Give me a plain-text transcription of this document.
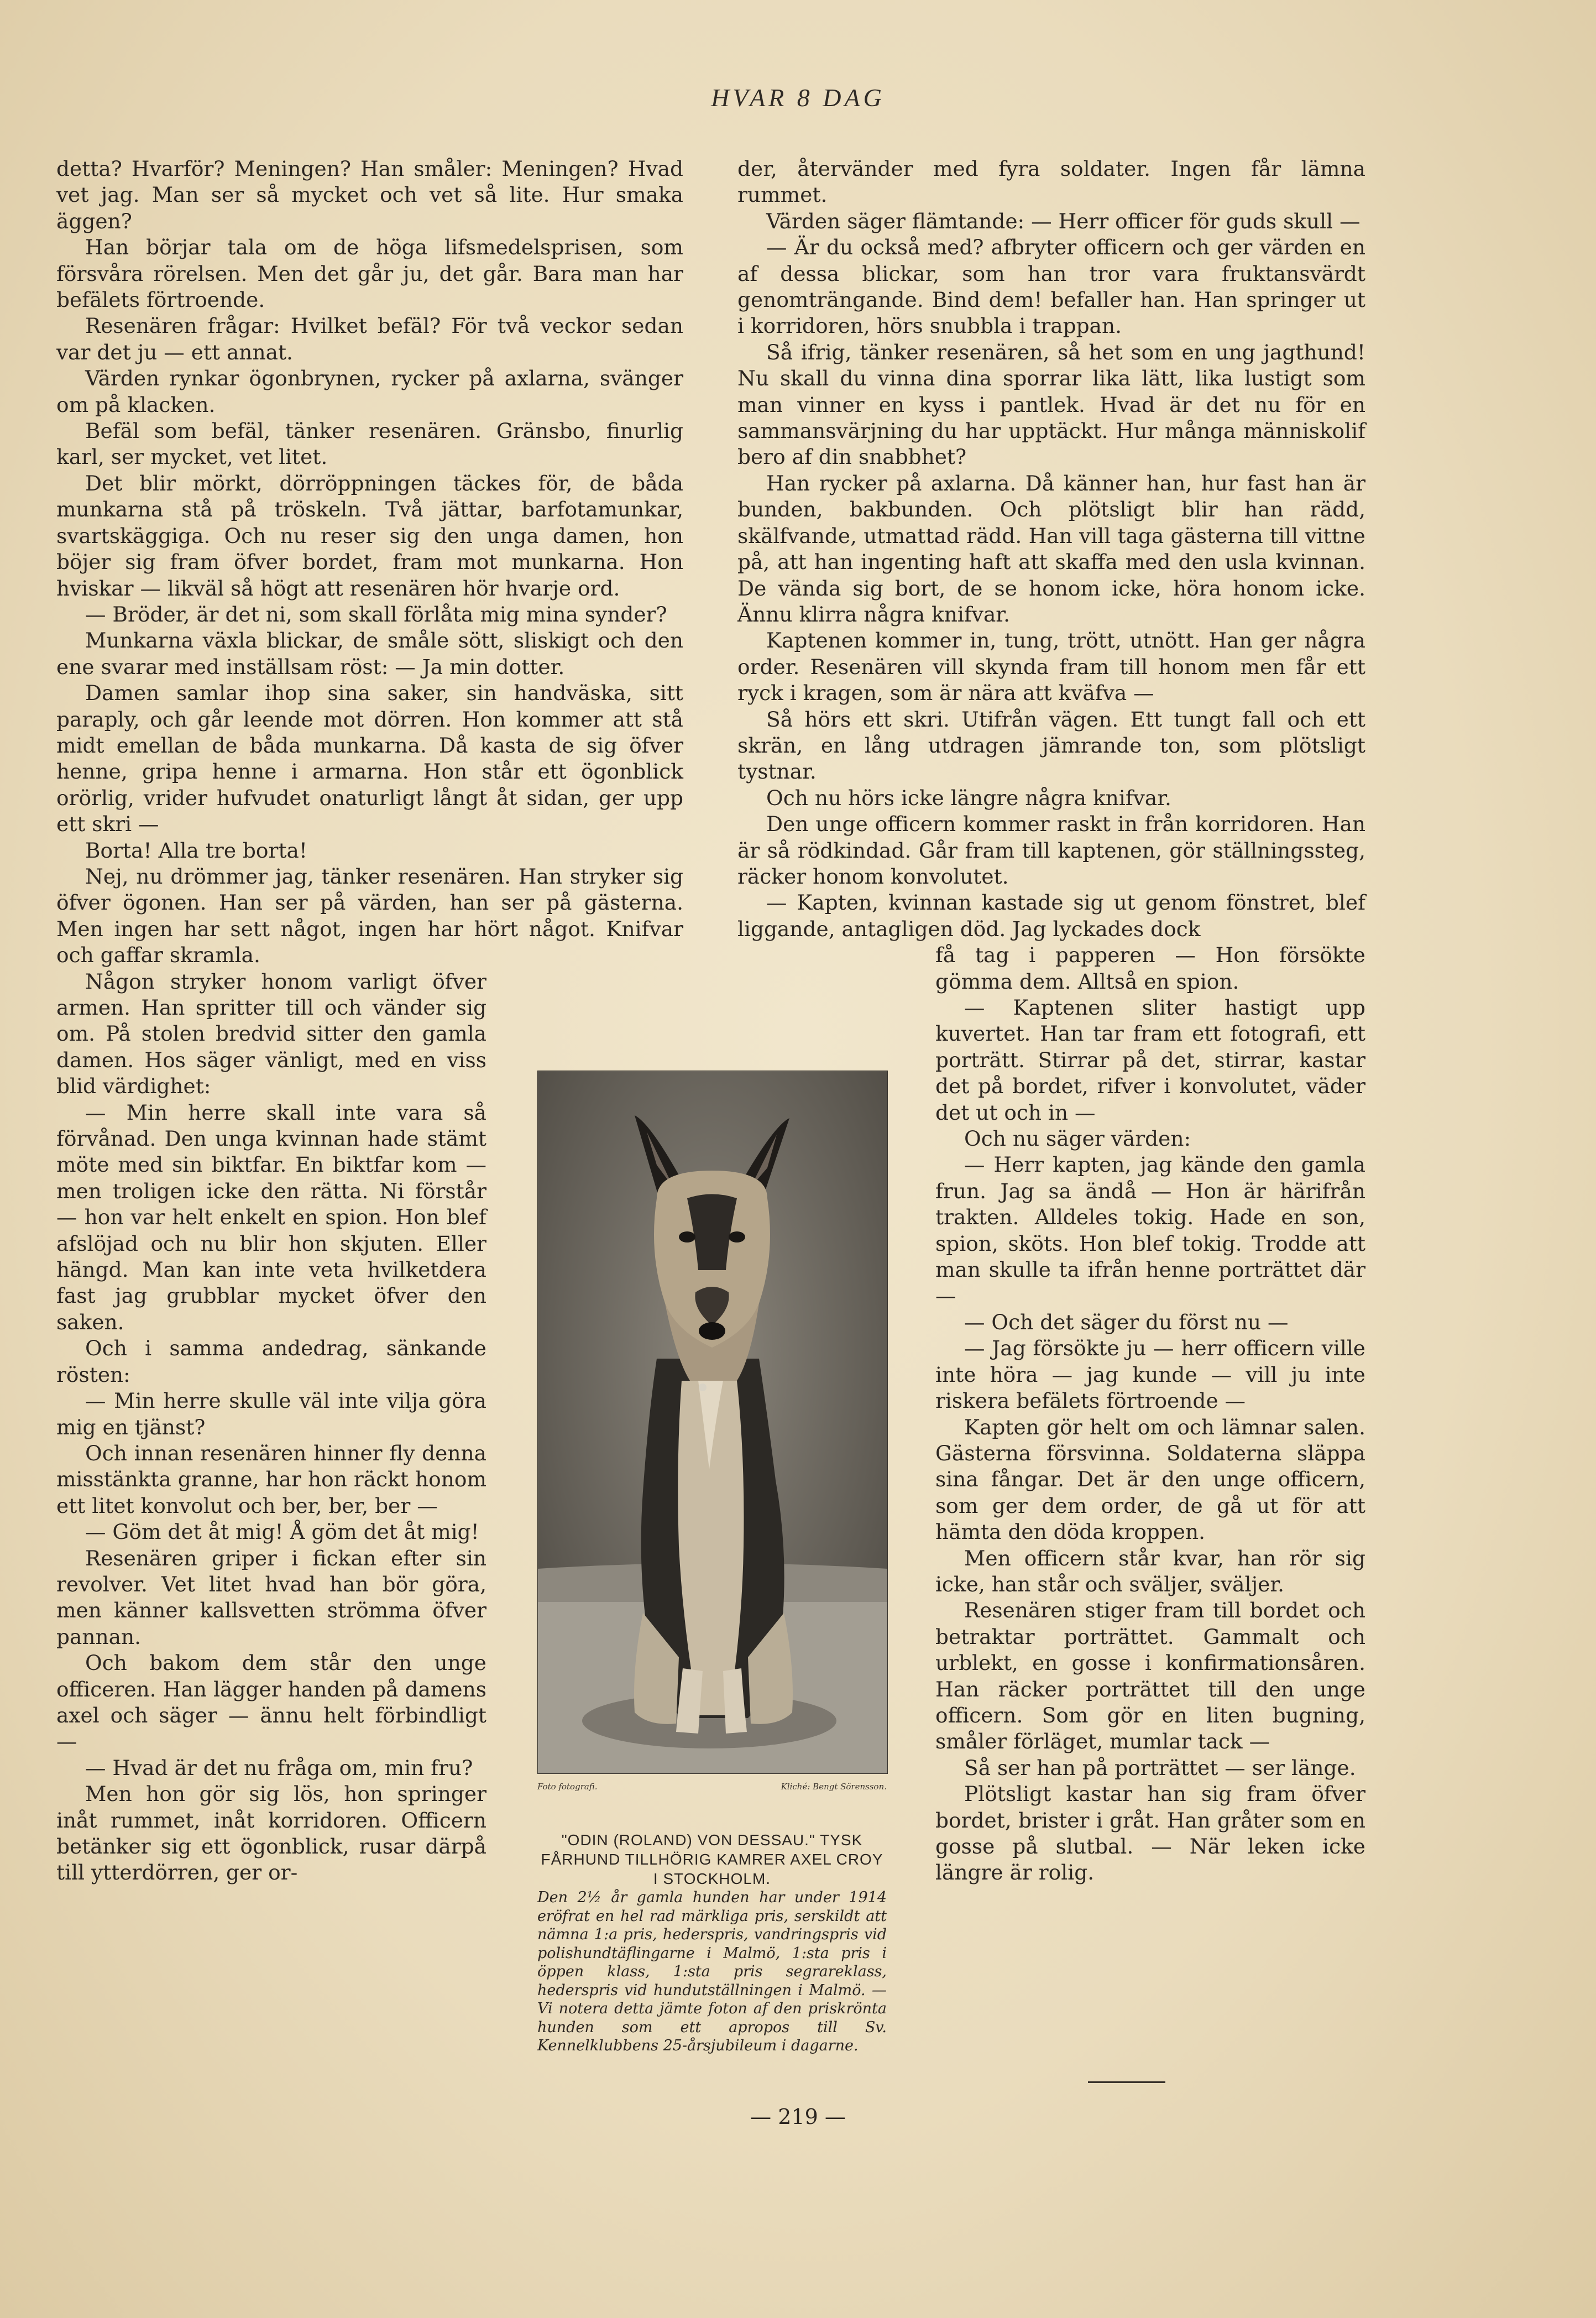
HVAR 8 DAG

detta? Hvarför? Meningen? Han småler: Meningen? Hvad vet jag. Man ser så mycket och vet så lite. Hur smaka äggen?

Han börjar tala om de höga lifsmedelsprisen, som försvåra rörelsen. Men det går ju, det går. Bara man har befälets förtroende.

Resenären frågar: Hvilket befäl? För två veckor sedan var det ju — ett annat.

Värden rynkar ögonbrynen, rycker på axlarna, svänger om på klacken.

Befäl som befäl, tänker resenären. Gränsbo, finurlig karl, ser mycket, vet litet.

Det blir mörkt, dörröppningen täckes för, de båda munkarna stå på tröskeln. Två jättar, barfotamunkar, svartskäggiga. Och nu reser sig den unga damen, hon böjer sig fram öfver bordet, fram mot munkarna. Hon hviskar — likväl så högt att resenären hör hvarje ord.

— Bröder, är det ni, som skall förlåta mig mina synder?

Munkarna växla blickar, de småle sött, sliskigt och den ene svarar med inställsam röst: — Ja min dotter.

Damen samlar ihop sina saker, sin handväska, sitt paraply, och går leende mot dörren. Hon kommer att stå midt emellan de båda munkarna. Då kasta de sig öfver henne, gripa henne i armarna. Hon står ett ögonblick orörlig, vrider hufvudet onaturligt långt åt sidan, ger upp ett skri —

Borta! Alla tre borta!

Nej, nu drömmer jag, tänker resenären. Han stryker sig öfver ögonen. Han ser på värden, han ser på gästerna. Men ingen har sett något, ingen har hört något. Knifvar och gaffar skramla.

Någon stryker honom varligt öfver armen. Han spritter till och vänder sig om. På stolen bredvid sitter den gamla damen. Hos säger vänligt, med en viss blid värdighet:

— Min herre skall inte vara så förvånad. Den unga kvinnan hade stämt möte med sin biktfar. En biktfar kom — men troligen icke den rätta. Ni förstår — hon var helt enkelt en spion. Hon blef afslöjad och nu blir hon skjuten. Eller hängd. Man kan inte veta hvilketdera fast jag grubblar mycket öfver den saken.

Och i samma andedrag, sänkande rösten:

— Min herre skulle väl inte vilja göra mig en tjänst?

Och innan resenären hinner fly denna misstänkta granne, har hon räckt honom ett litet konvolut och ber, ber, ber —

— Göm det åt mig! Å göm det åt mig!

Resenären griper i fickan efter sin revolver. Vet litet hvad han bör göra, men känner kallsvetten strömma öfver pannan.

Och bakom dem står den unge officeren. Han lägger handen på damens axel och säger — ännu helt förbindligt —

— Hvad är det nu fråga om, min fru?

Men hon gör sig lös, hon springer inåt rummet, inåt korridoren. Officern betänker sig ett ögonblick, rusar därpå till ytterdörren, ger or-

der, återvänder med fyra soldater. Ingen får lämna rummet.

Värden säger flämtande: — Herr officer för guds skull —

— Är du också med? afbryter officern och ger värden en af dessa blickar, som han tror vara fruktansvärdt genomträngande. Bind dem! befaller han. Han springer ut i korridoren, hörs snubbla i trappan.

Så ifrig, tänker resenären, så het som en ung jagthund! Nu skall du vinna dina sporrar lika lätt, lika lustigt som man vinner en kyss i pantlek. Hvad är det nu för en sammansvärjning du har upptäckt. Hur många människolif bero af din snabbhet?

Han rycker på axlarna. Då känner han, hur fast han är bunden, bakbunden. Och plötsligt blir han rädd, skälfvande, utmattad rädd. Han vill taga gästerna till vittne på, att han ingenting haft att skaffa med den usla kvinnan. De vända sig bort, de se honom icke, höra honom icke. Ännu klirra några knifvar.

Kaptenen kommer in, tung, trött, utnött. Han ger några order. Resenären vill skynda fram till honom men får ett ryck i kragen, som är nära att kväfva —

Så hörs ett skri. Utifrån vägen. Ett tungt fall och ett skrän, en lång utdragen jämrande ton, som plötsligt tystnar.

Och nu hörs icke längre några knifvar.

Den unge officern kommer raskt in från korridoren. Han är så rödkindad. Går fram till kaptenen, gör ställningssteg, räcker honom konvolutet.

— Kapten, kvinnan kastade sig ut genom fönstret, blef liggande, antagligen död. Jag lyckades dock

få tag i papperen — Hon försökte gömma dem. Alltså en spion.

— Kaptenen sliter hastigt upp kuvertet. Han tar fram ett fotografi, ett porträtt. Stirrar på det, stirrar, kastar det på bordet, rifver i konvolutet, väder det ut och in —

Och nu säger värden:

— Herr kapten, jag kände den gamla frun. Jag sa ändå — Hon är härifrån trakten. Alldeles tokig. Hade en son, spion, sköts. Hon blef tokig. Trodde att man skulle ta ifrån henne porträttet där —

— Och det säger du först nu —

— Jag försökte ju — herr officern ville inte höra — jag kunde — vill ju inte riskera befälets förtroende —

Kapten gör helt om och lämnar salen. Gästerna försvinna. Soldaterna släppa sina fångar. Det är den unge officern, som ger dem order, de gå ut för att hämta den döda kroppen.

Men officern står kvar, han rör sig icke, han står och sväljer, sväljer.

Resenären stiger fram till bordet och betraktar porträttet. Gammalt och urblekt, en gosse i konfirmationsåren. Han räcker porträttet till den unge officern. Som gör en liten bugning, småler förläget, mumlar tack —

Så ser han på porträttet — ser länge.

Plötsligt kastar han sig fram öfver bordet, brister i gråt. Han gråter som en gosse på slutbal. — När leken icke längre är rolig.

Foto fotografi.	Kliché: Bengt Sörensson.
"ODIN (ROLAND) VON DESSAU." TYSK FÅRHUND TILLHÖRIG KAMRER AXEL CROY I STOCKHOLM.
Den 2½ år gamla hunden har under 1914 eröfrat en hel rad märkliga pris, serskildt att nämna 1:a pris, hederspris, vandringspris vid polishundtäflingarne i Malmö, 1:sta pris i öppen klass, 1:sta pris segrareklass, hederspris vid hundutställningen i Malmö. — Vi notera detta jämte foton af den priskrönta hunden som ett apropos till Sv. Kennelklubbens 25-årsjubileum i dagarne.
— 219 —
